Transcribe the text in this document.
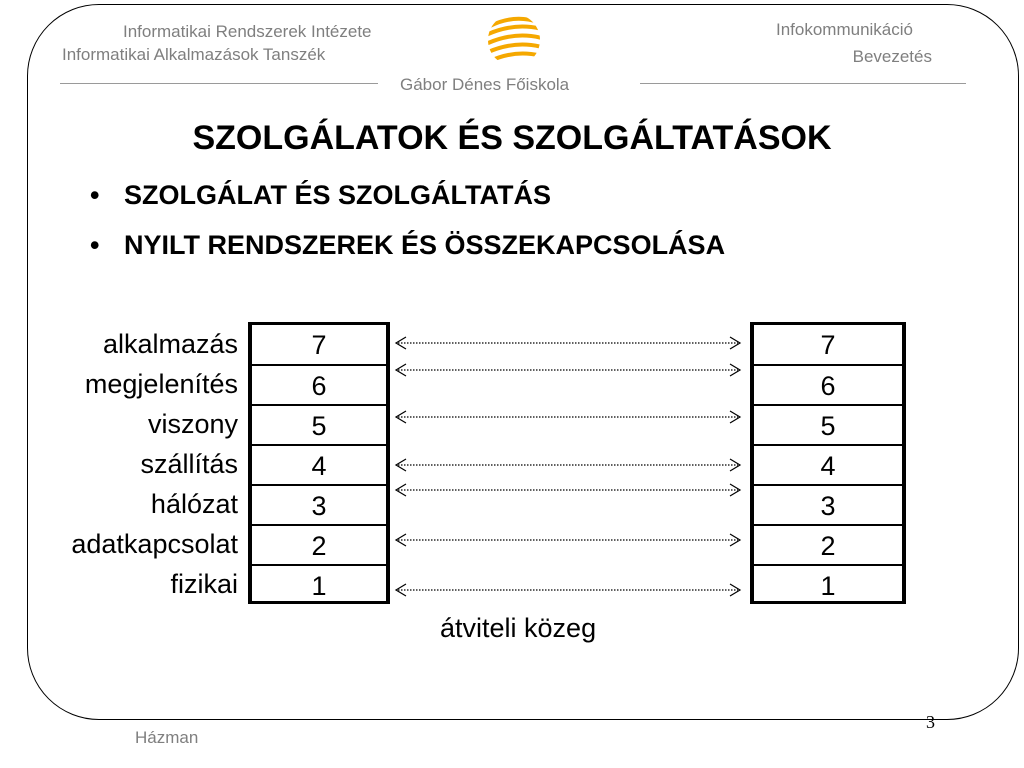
Informatikai Rendszerek Intézete
Informatikai Alkalmazások Tanszék
Infokommunikáció
Bevezetés
Gábor Dénes Főiskola
SZOLGÁLATOK ÉS SZOLGÁLTATÁSOK
• SZOLGÁLAT ÉS SZOLGÁLTATÁS
• NYILT RENDSZEREK ÉS ÖSSZEKAPCSOLÁSA
alkalmazás
megjelenítés
viszony
szállítás
hálózat
adatkapcsolat
fizikai
7
6
5
4
3
2
1
7
6
5
4
3
2
1
átviteli közeg
3
Házman
